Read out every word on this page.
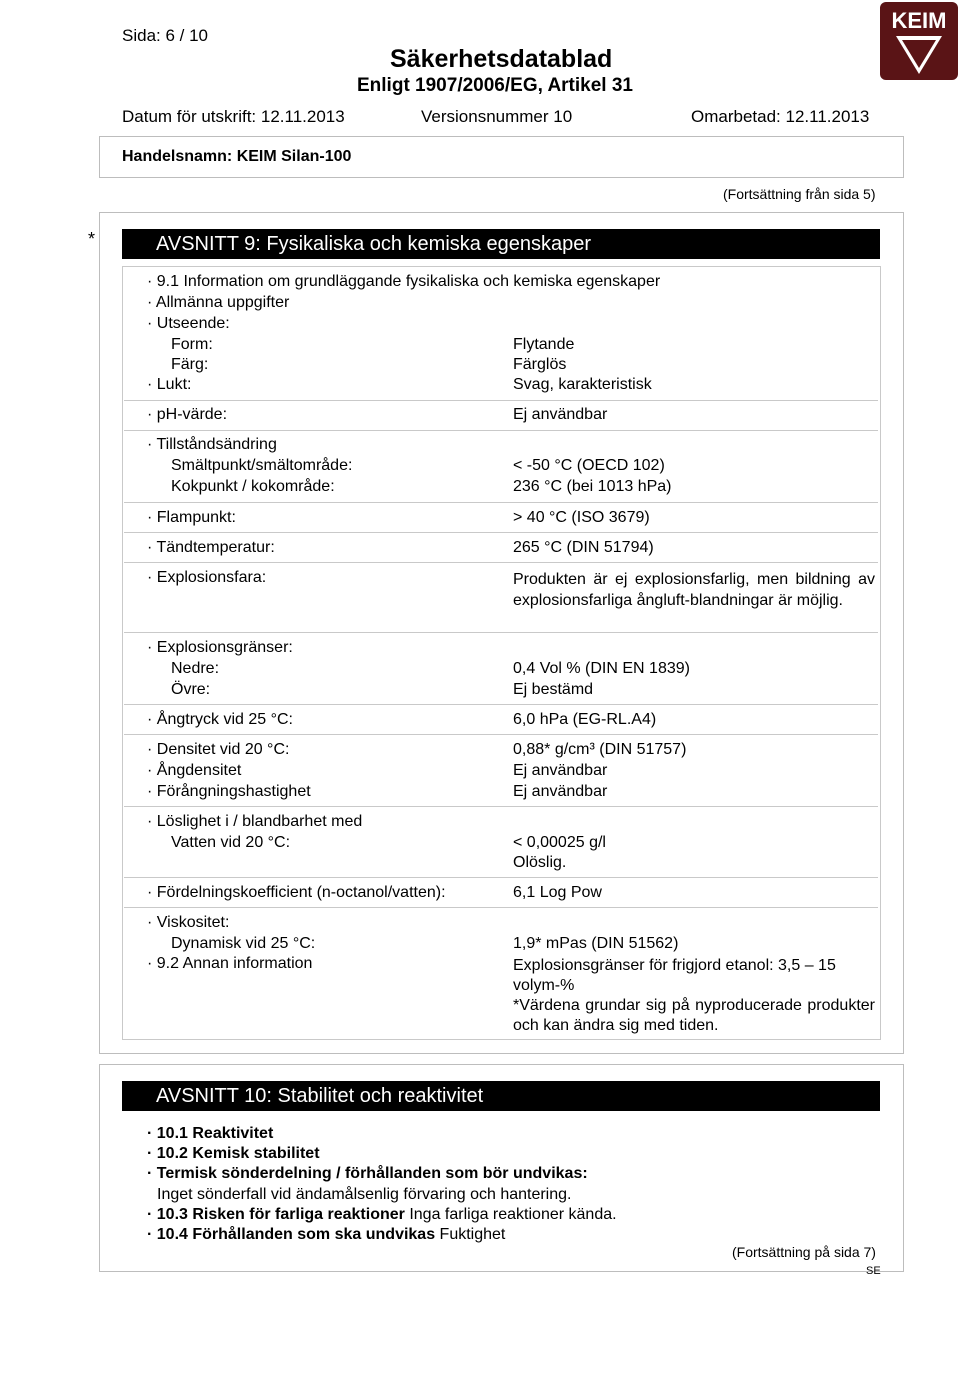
Sida: 6 / 10
Säkerhetsdatablad
Enligt 1907/2006/EG, Artikel 31
KEIM
Datum för utskrift: 12.11.2013	Versionsnummer 10	Omarbetad: 12.11.2013
Handelsnamn: KEIM Silan-100
(Fortsättning från sida 5)
*	AVSNITT 9: Fysikaliska och kemiska egenskaper
· 9.1 Information om grundläggande fysikaliska och kemiska egenskaper
· Allmänna uppgifter
· Utseende:
Form:	Flytande
Färg:	Färglös
· Lukt:	Svag, karakteristisk
· pH-värde:	Ej användbar
· Tillståndsändring
Smältpunkt/smältområde:	< -50 °C (OECD 102)
Kokpunkt / kokområde:	236 °C (bei 1013 hPa)
· Flampunkt:	> 40 °C (ISO 3679)
· Tändtemperatur:	265 °C (DIN 51794)
· Explosionsfara:	Produkten är ej explosionsfarlig, men bildning av explosionsfarliga ångluft-blandningar är möjlig.
· Explosionsgränser:
Nedre:	0,4 Vol % (DIN EN 1839)
Övre:	Ej bestämd
· Ångtryck vid 25 °C:	6,0 hPa (EG-RL.A4)
· Densitet vid 20 °C:	0,88* g/cm³ (DIN 51757)
· Ångdensitet	Ej användbar
· Förångningshastighet	Ej användbar
· Löslighet i / blandbarhet med
Vatten vid 20 °C:	< 0,00025 g/l
Olöslig.
· Fördelningskoefficient (n-octanol/vatten):	6,1 Log Pow
· Viskositet:
Dynamisk vid 25 °C:	1,9* mPas (DIN 51562)
· 9.2 Annan information	Explosionsgränser för frigjord etanol: 3,5 – 15 volym-%
*Värdena grundar sig på nyproducerade produkter och kan ändra sig med tiden.
AVSNITT 10: Stabilitet och reaktivitet
· 10.1 Reaktivitet
· 10.2 Kemisk stabilitet
· Termisk sönderdelning / förhållanden som bör undvikas:
Inget sönderfall vid ändamålsenlig förvaring och hantering.
· 10.3 Risken för farliga reaktioner Inga farliga reaktioner kända.
· 10.4 Förhållanden som ska undvikas Fuktighet
(Fortsättning på sida 7)
SE
